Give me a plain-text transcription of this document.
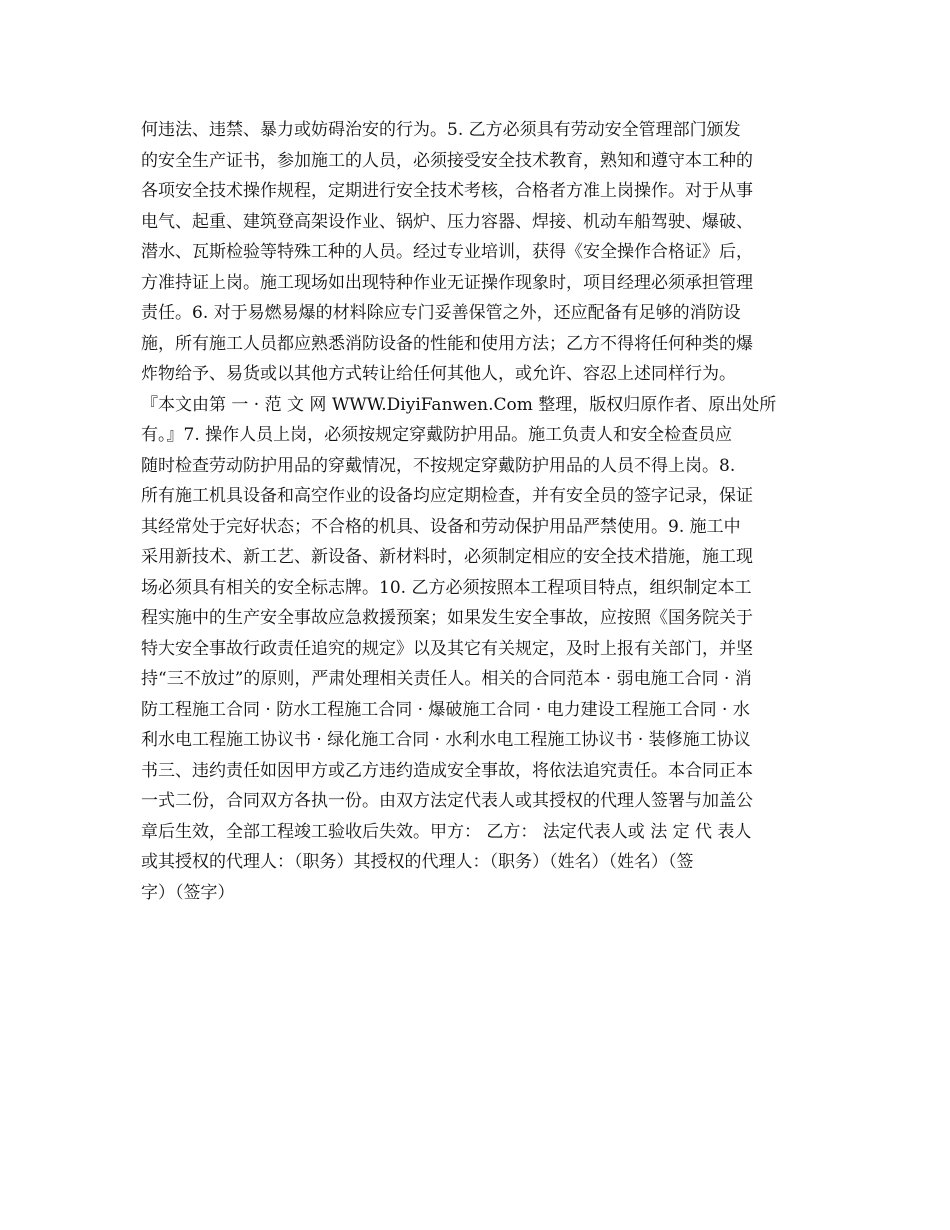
何违法、违禁、暴力或妨碍治安的行为。5. 乙方必须具有劳动安全管理部门颁发
的安全生产证书，参加施工的人员，必须接受安全技术教育，熟知和遵守本工种的
各项安全技术操作规程，定期进行安全技术考核，合格者方准上岗操作。对于从事
电气、起重、建筑登高架设作业、锅炉、压力容器、焊接、机动车船驾驶、爆破、
潜水、瓦斯检验等特殊工种的人员。经过专业培训，获得《安全操作合格证》后，
方准持证上岗。施工现场如出现特种作业无证操作现象时，项目经理必须承担管理
责任。6. 对于易燃易爆的材料除应专门妥善保管之外，还应配备有足够的消防设
施，所有施工人员都应熟悉消防设备的性能和使用方法；乙方不得将任何种类的爆
炸物给予、易货或以其他方式转让给任何其他人，或允许、容忍上述同样行为。
『本文由第 一 · 范 文 网 WWW.DiyiFanwen.Com 整理，版权归原作者、原出处所
有。』7. 操作人员上岗，必须按规定穿戴防护用品。施工负责人和安全检查员应
随时检查劳动防护用品的穿戴情况，不按规定穿戴防护用品的人员不得上岗。8.
所有施工机具设备和高空作业的设备均应定期检查，并有安全员的签字记录，保证
其经常处于完好状态；不合格的机具、设备和劳动保护用品严禁使用。9. 施工中
采用新技术、新工艺、新设备、新材料时，必须制定相应的安全技术措施，施工现
场必须具有相关的安全标志牌。10. 乙方必须按照本工程项目特点，组织制定本工
程实施中的生产安全事故应急救援预案；如果发生安全事故，应按照《国务院关于
特大安全事故行政责任追究的规定》以及其它有关规定，及时上报有关部门，并坚
持“三不放过”的原则，严肃处理相关责任人。相关的合同范本 · 弱电施工合同 · 消
防工程施工合同 · 防水工程施工合同 · 爆破施工合同 · 电力建设工程施工合同 · 水
利水电工程施工协议书 · 绿化施工合同 · 水利水电工程施工协议书 · 装修施工协议
书三、违约责任如因甲方或乙方违约造成安全事故，将依法追究责任。本合同正本
一式二份，合同双方各执一份。由双方法定代表人或其授权的代理人签署与加盖公
章后生效，全部工程竣工验收后失效。甲方： 乙方： 法定代表人或 法 定 代 表人
或其授权的代理人：（职务）其授权的代理人：（职务）（姓名）（姓名）（签
字）（签字）
